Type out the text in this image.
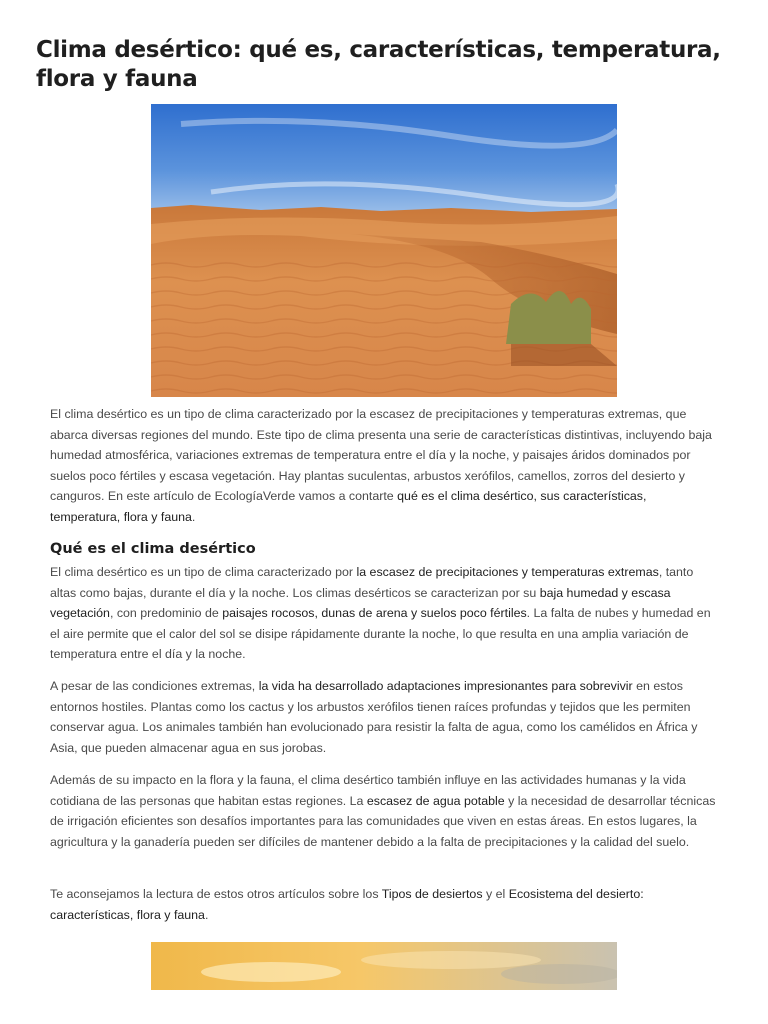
Clima desértico: qué es, características, temperatura, flora y fauna

El clima desértico es un tipo de clima caracterizado por la escasez de precipitaciones y temperaturas extremas, que abarca diversas regiones del mundo. Este tipo de clima presenta una serie de características distintivas, incluyendo baja humedad atmosférica, variaciones extremas de temperatura entre el día y la noche, y paisajes áridos dominados por suelos poco fértiles y escasa vegetación. Hay plantas suculentas, arbustos xerófilos, camellos, zorros del desierto y canguros. En este artículo de EcologíaVerde vamos a contarte qué es el clima desértico, sus características, temperatura, flora y fauna.

Qué es el clima desértico

El clima desértico es un tipo de clima caracterizado por la escasez de precipitaciones y temperaturas extremas, tanto altas como bajas, durante el día y la noche. Los climas desérticos se caracterizan por su baja humedad y escasa vegetación, con predominio de paisajes rocosos, dunas de arena y suelos poco fértiles. La falta de nubes y humedad en el aire permite que el calor del sol se disipe rápidamente durante la noche, lo que resulta en una amplia variación de temperatura entre el día y la noche.

A pesar de las condiciones extremas, la vida ha desarrollado adaptaciones impresionantes para sobrevivir en estos entornos hostiles. Plantas como los cactus y los arbustos xerófilos tienen raíces profundas y tejidos que les permiten conservar agua. Los animales también han evolucionado para resistir la falta de agua, como los camélidos en África y Asia, que pueden almacenar agua en sus jorobas.

Además de su impacto en la flora y la fauna, el clima desértico también influye en las actividades humanas y la vida cotidiana de las personas que habitan estas regiones. La escasez de agua potable y la necesidad de desarrollar técnicas de irrigación eficientes son desafíos importantes para las comunidades que viven en estas áreas. En estos lugares, la agricultura y la ganadería pueden ser difíciles de mantener debido a la falta de precipitaciones y la calidad del suelo.

Te aconsejamos la lectura de estos otros artículos sobre los Tipos de desiertos y el Ecosistema del desierto: características, flora y fauna.
